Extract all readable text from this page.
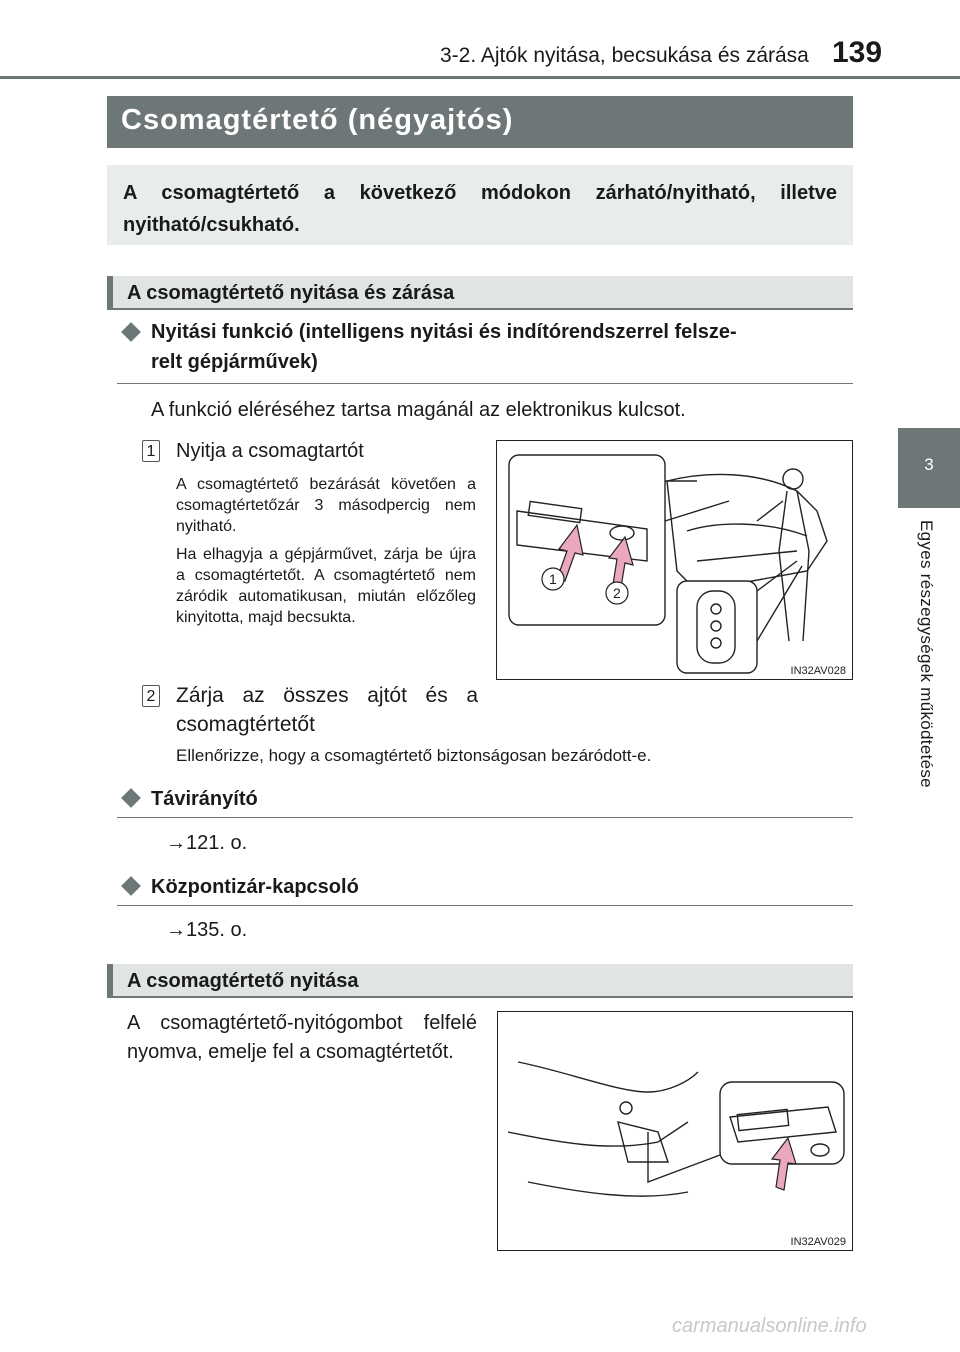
3-2. Ajtók nyitása, becsukása és zárása 139
3
Egyes részegységek működtetése
Csomagtértető (négyajtós)

A csomagtértető a következő módokon zárható/nyitható, illetve nyitható/csukható.

A csomagtértető nyitása és zárása
Nyitási funkció (intelligens nyitási és indítórendszerrel felsze-
relt gépjárművek)
A funkció eléréséhez tartsa magánál az elektronikus kulcsot.
1 Nyitja a csomagtartót
A csomagtértető bezárását követően a csomagtértetőzár 3 másodpercig nem nyitható.
Ha elhagyja a gépjárművet, zárja be újra a csomagtértetőt. A csomagtértető nem záródik automatikusan, miután előzőleg kinyitotta, majd becsukta.
2 Zárja az összes ajtót és a csomagtértetőt
Ellenőrizze, hogy a csomagtértető biztonságosan bezáródott-e.
1
2
IN32AV028
Távirányító
→121. o.
Központizár-kapcsoló
→135. o.
A csomagtértető nyitása
A csomagtértető-nyitógombot felfelé nyomva, emelje fel a csomagtértetőt.
IN32AV029
carmanualsonline.info
